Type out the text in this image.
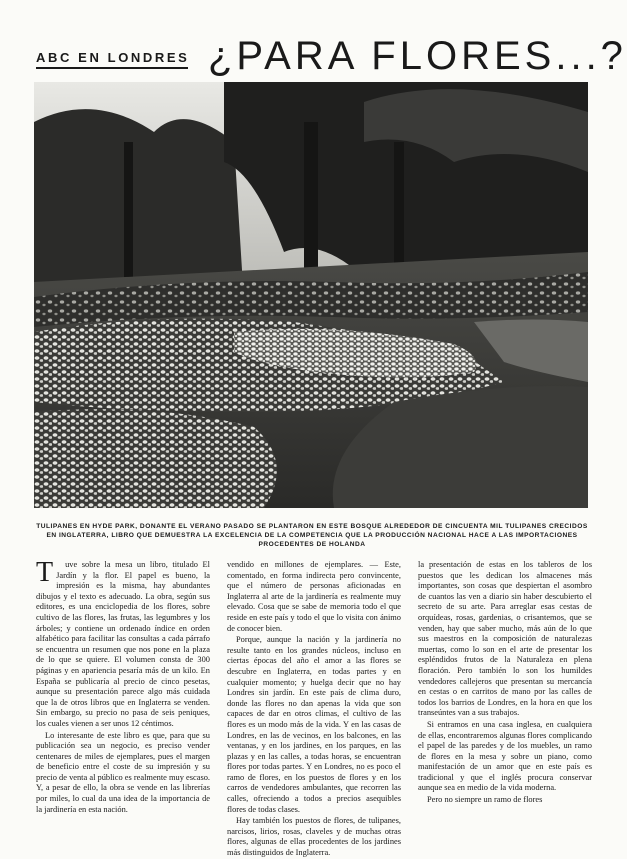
ABC EN LONDRES ¿PARA FLORES...?
TULIPANES EN HYDE PARK, DONANTE EL VERANO PASADO SE PLANTARON EN ESTE BOSQUE ALREDEDOR DE CINCUENTA MIL TULIPANES CRECIDOS EN INGLATERRA, LIBRO QUE DEMUESTRA LA EXCELENCIA DE LA COMPETENCIA QUE LA PRODUCCIÓN NACIONAL HACE A LAS IMPORTACIONES PROCEDENTES DE HOLANDA
T	uve sobre la mesa un libro, titulado El Jardín y la flor. El papel es bueno, la impresión es la misma, hay abundantes dibujos y el texto es adecuado. La obra, según sus editores, es una enciclopedia de los flores, sobre cultivo de las flores, las frutas, las legumbres y los árboles; y contiene un ordenado índice en orden alfabético para facilitar las consultas a cada párrafo se encuentra un resumen que nos pone en la plaza de lo que se quiere. El volumen consta de 300 páginas y en apariencia pesaría más de un kilo. En España se publicaría al precio de cinco pesetas, aunque su presentación parece algo más cuidada que la de otros libros que en Inglaterra se venden. Sin embargo, su precio no pasa de seis peniques, los cuales vienen a ser unos 12 céntimos.

Lo interesante de este libro es que, para que su publicación sea un negocio, es preciso vender centenares de miles de ejemplares, pues el margen de beneficio entre el coste de su impresión y su precio de venta al público es realmente muy escaso. Y, a pesar de ello, la obra se vende en las librerías por miles, lo cual da una idea de la importancia de la jardinería en esta nación.

vendido en millones de ejemplares. — Este, comentado, en forma indirecta pero convincente, que el número de personas aficionadas en Inglaterra al arte de la jardinería es realmente muy elevado. Cosa que se sabe de memoria todo el que reside en este país y todo el que lo visita con ánimo de conocer bien.

Porque, aunque la nación y la jardinería no resulte tanto en los grandes núcleos, incluso en ciertas épocas del año el amor a las flores se descubre en Inglaterra, en todas partes y en cualquier momento; y huelga decir que no hay Londres sin jardín. En este país de clima duro, donde las flores no dan apenas la vida que son capaces de dar en otros climas, el cultivo de las flores es un modo más de la vida. Y en las casas de Londres, en las de vecinos, en los balcones, en las ventanas, y en los jardines, en los parques, en las plazas y en las calles, a todas horas, se encuentran flores por todas partes. Y en Londres, no es poco el ramo de flores, en los puestos de flores y en los carros de vendedores ambulantes, que recorren las calles, ofreciendo a todos a precios asequibles flores de todas clases.

Hay también los puestos de flores, de tulipanes, narcisos, lirios, rosas, claveles y de muchas otras flores, algunas de ellas procedentes de los jardines más distinguidos de Inglaterra.

la presentación de estas en los tableros de los puestos que les dedican los almacenes más importantes, son cosas que despiertan el asombro de cuantos las ven a diario sin haber descubierto el secreto de su arte. Para arreglar esas cestas de orquídeas, rosas, gardenias, o crisantemos, que se venden, hay que saber mucho, más aún de lo que sus maestros en la composición de naturalezas muertas, como lo son en el arte de presentar los espléndidos frutos de la Naturaleza en plena floración. Pero también lo son los humildes vendedores callejeros que presentan su mercancía en cestas o en carritos de mano por las calles de todos los barrios de Londres, en la hora en que los transeúntes van a sus trabajos.

Si entramos en una casa inglesa, en cualquiera de ellas, encontraremos algunas flores complicando el papel de las paredes y de los muebles, un ramo de flores en la mesa y sobre un piano, como manifestación de un amor que en este país es tradicional y que el inglés procura conservar aunque sea en medio de la vida moderna.

Pero no siempre un ramo de flores
